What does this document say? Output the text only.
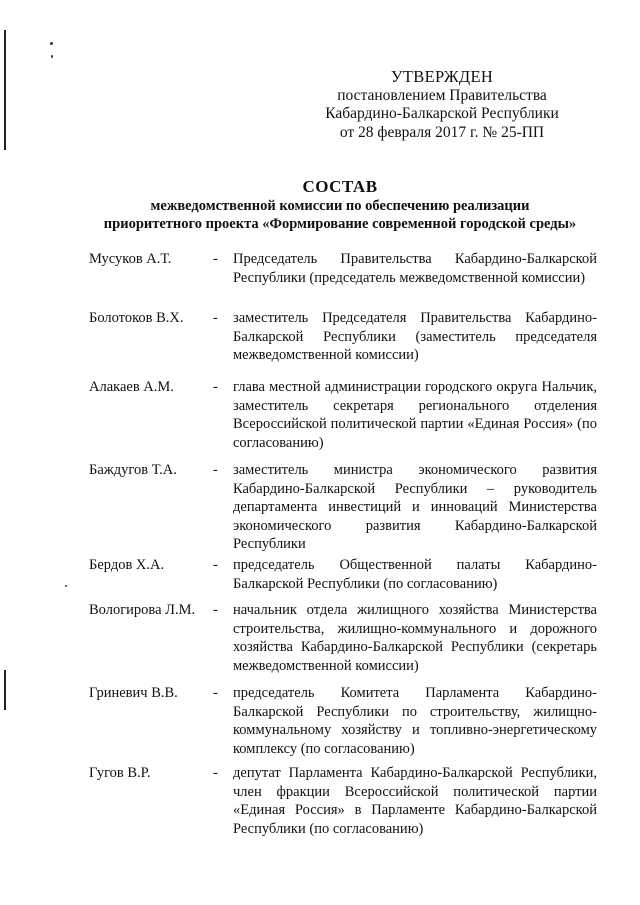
УТВЕРЖДЕН
постановлением Правительства
Кабардино-Балкарской Республики
от 28 февраля 2017 г. № 25-ПП
СОСТАВ
межведомственной комиссии по обеспечению реализации
приоритетного проекта «Формирование современной городской среды»
Мусуков А.Т.	- Председатель Правительства Кабардино-Балкарской Республики (председатель межведомственной комиссии)
Болотоков В.Х. - заместитель Председателя Правительства Кабардино-Балкарской Республики (заместитель председателя межведомственной комиссии)
Алакаев А.М.	- глава местной администрации городского округа Нальчик, заместитель секретаря регионального отделения Всероссийской политической партии «Единая Россия» (по согласованию)
Баждугов Т.А. - заместитель министра экономического развития Кабардино-Балкарской Республики – руководитель департамента инвестиций и инноваций Министерства экономического развития Кабардино-Балкарской Республики
Бердов Х.А.	- председатель Общественной палаты Кабардино-Балкарской Республики (по согласованию)
Вологирова Л.М. - начальник отдела жилищного хозяйства Министерства строительства, жилищно-коммунального и дорожного хозяйства Кабардино-Балкарской Республики (секретарь межведомственной комиссии)
Гриневич В.В. - председатель Комитета Парламента Кабардино-Балкарской Республики по строительству, жилищно-коммунальному хозяйству и топливно-энергетическому комплексу (по согласованию)
Гугов В.Р.	- депутат Парламента Кабардино-Балкарской Республики, член фракции Всероссийской политической партии «Единая Россия» в Парламенте Кабардино-Балкарской Республики (по согласованию)
